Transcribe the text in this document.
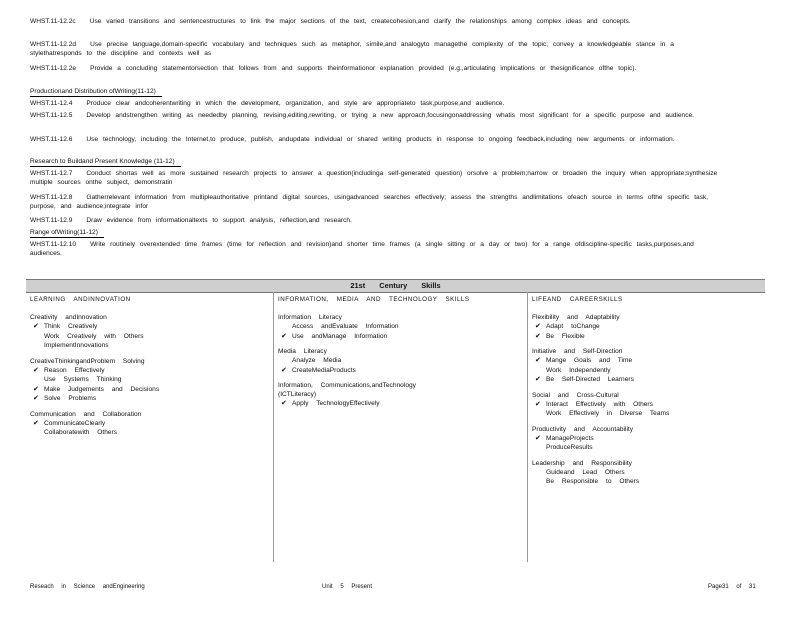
WHST.11-12.2c Use varied transitions and sentencestructures to link the major sections of the text, createcohesion,and clarify the relationships among complex ideas and concepts.
WHST.11-12.2d Use precise language,domain-specific vocabulary and techniques such as metaphor, simile,and analogyto managethe complexity of the topic; convey a knowledgeable stance in a stylethatresponds to the discipline and contexts well as
WHST.11-12.2e Provide a concluding statementorsection that follows from and supports theinformationor explanation provided (e.g.,articulating implications or thesignificance ofthe topic).
Productionand Distribution ofWriting(11-12)
WHST.11-12.4 Produce clear andcoherentwriting in which the development, organization, and style are appropriateto task,purpose,and audience.
WHST.11-12.5 Develop andstrengthen writing as neededby planning, revising,editing,rewriting, or trying a new approach,focusingonaddressing whatis most significant for a specific purpose and audience.
WHST.11-12.6 Use technology, including the Internet,to produce, publish, andupdate individual or shared writing products in response to ongoing feedback,including new arguments or information.
Research to Buildand Present Knowledge (11-12)
WHST.11-12.7 Conduct shortas well as more sustained research projects to answer a question(includinga self-generated question) orsolve a problem;narrow or broaden the inquiry when appropriate;synthesize multiple sources onthe subject, demonstratin
WHST.11-12.8 Gatherrelevant information from multipleauthoritative printand digital sources, usingadvanced searches effectively; assess the strengths andlimitations ofeach source in terms ofthe specific task, purpose, and audience;integrate infor
WHST.11-12.9 Draw evidence from informationaltexts to support analysis, reflection,and research.
Range ofWriting(11-12)
WHST.11-12.10 Write routinely overextended time frames (time for reflection and revision)and shorter time frames (a single sitting or a day or two) for a range ofdiscipline-specific tasks,purposes,and audiences.
21st Century Skills
LEARNING ANDINNOVATION
Creativity andInnovation
✔ Think Creatively
Work Creatively with Others
ImplementInnovations
CreativeThinkingandProblem Solving
✔ Reason Effectively
Use Systems Thinking
✔ Make Judgements and Decisions
✔ Solve Problems
Communication and Collaboration
✔ CommunicateClearly
Collaboratewith Others
INFORMATION, MEDIA AND TECHNOLOGY SKILLS
Information Literacy
Access andEvaluate Information
✔ Use andManage Information
Media Literacy
Analyze Media
✔ CreateMediaProducts
Information, Communications,andTechnology (ICTLiteracy)
✔ Apply TechnologyEffectively
LIFEAND CAREERSKILLS
Flexibility and Adaptability
✔ Adapt toChange
✔ Be Flexible
Initiative and Self-Direction
✔ Mange Goals and Time
Work Independently
✔ Be Self-Directed Learners
Social and Cross-Cultural
✔ Interact Effectively with Others
Work Effectively in Diverse Teams
Productivity and Accountability
✔ ManageProjects
ProduceResults
Leadership and Responsibility
Guideand Lead Others
Be Responsible to Others
Reseach in Science andEngineering	Unit 5 Present	Page31 of 31
